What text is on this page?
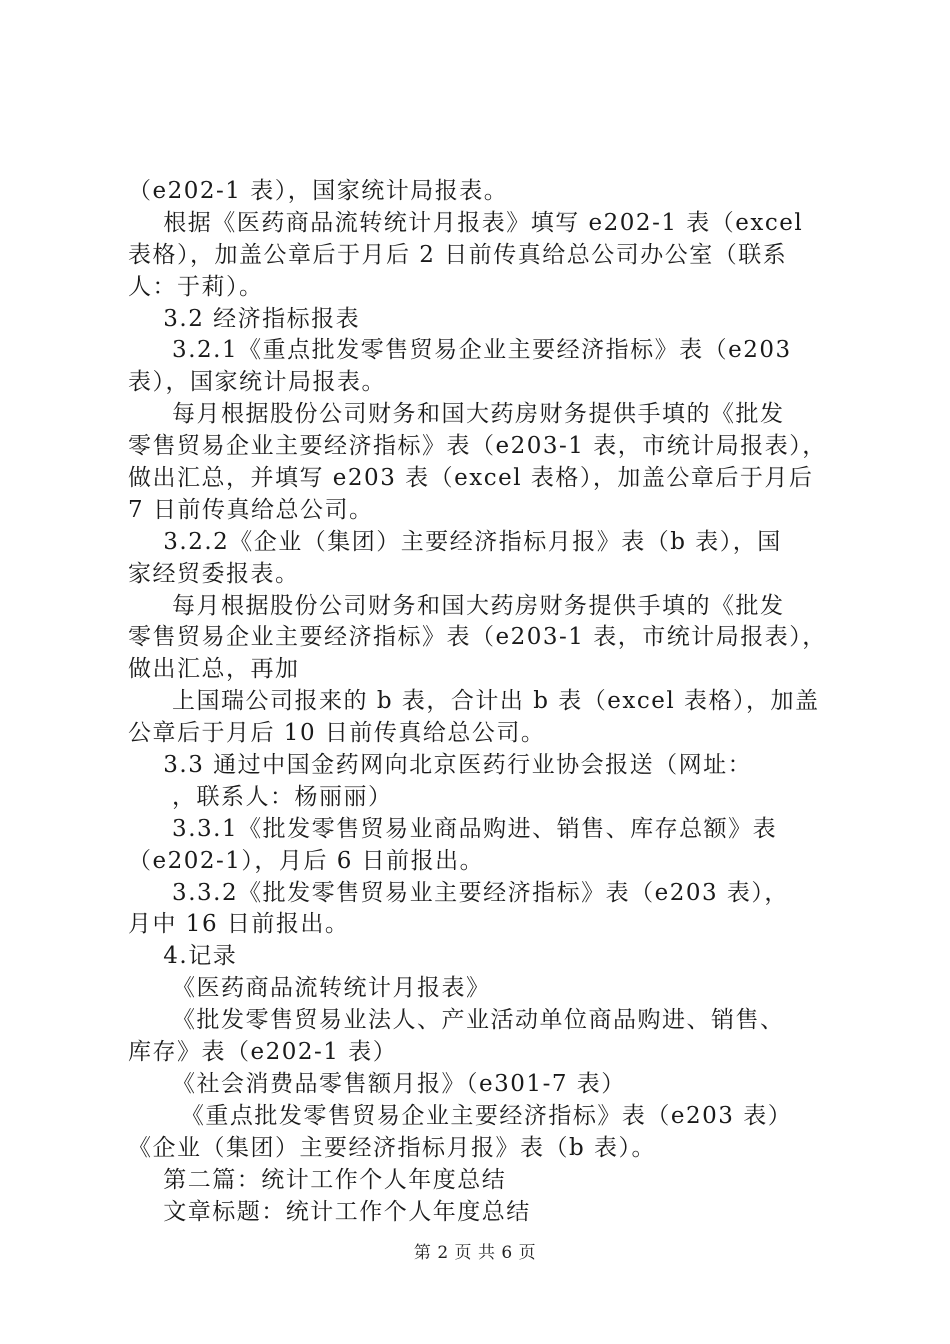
（e202-1 表），国家统计局报表。
根据《医药商品流转统计月报表》填写 e202-1 表（excel
表格），加盖公章后于月后 2 日前传真给总公司办公室（联系
人：于莉）。
3.2 经济指标报表
3.2.1《重点批发零售贸易企业主要经济指标》表（e203
表），国家统计局报表。
每月根据股份公司财务和国大药房财务提供手填的《批发
零售贸易企业主要经济指标》表（e203-1 表，市统计局报表），
做出汇总，并填写 e203 表（excel 表格），加盖公章后于月后
7 日前传真给总公司。
3.2.2《企业（集团）主要经济指标月报》表（b 表），国
家经贸委报表。
每月根据股份公司财务和国大药房财务提供手填的《批发
零售贸易企业主要经济指标》表（e203-1 表，市统计局报表），
做出汇总，再加
上国瑞公司报来的 b 表，合计出 b 表（excel 表格），加盖
公章后于月后 10 日前传真给总公司。
3.3 通过中国金药网向北京医药行业协会报送（网址：
，联系人：杨丽丽）
3.3.1《批发零售贸易业商品购进、销售、库存总额》表
（e202-1），月后 6 日前报出。
3.3.2《批发零售贸易业主要经济指标》表（e203 表），
月中 16 日前报出。
4.记录
《医药商品流转统计月报表》
《批发零售贸易业法人、产业活动单位商品购进、销售、
库存》表（e202-1 表）
《社会消费品零售额月报》（e301-7 表）
《重点批发零售贸易企业主要经济指标》表（e203 表）
《企业（集团）主要经济指标月报》表（b 表）。
第二篇：统计工作个人年度总结
文章标题：统计工作个人年度总结
第 2 页 共 6 页
